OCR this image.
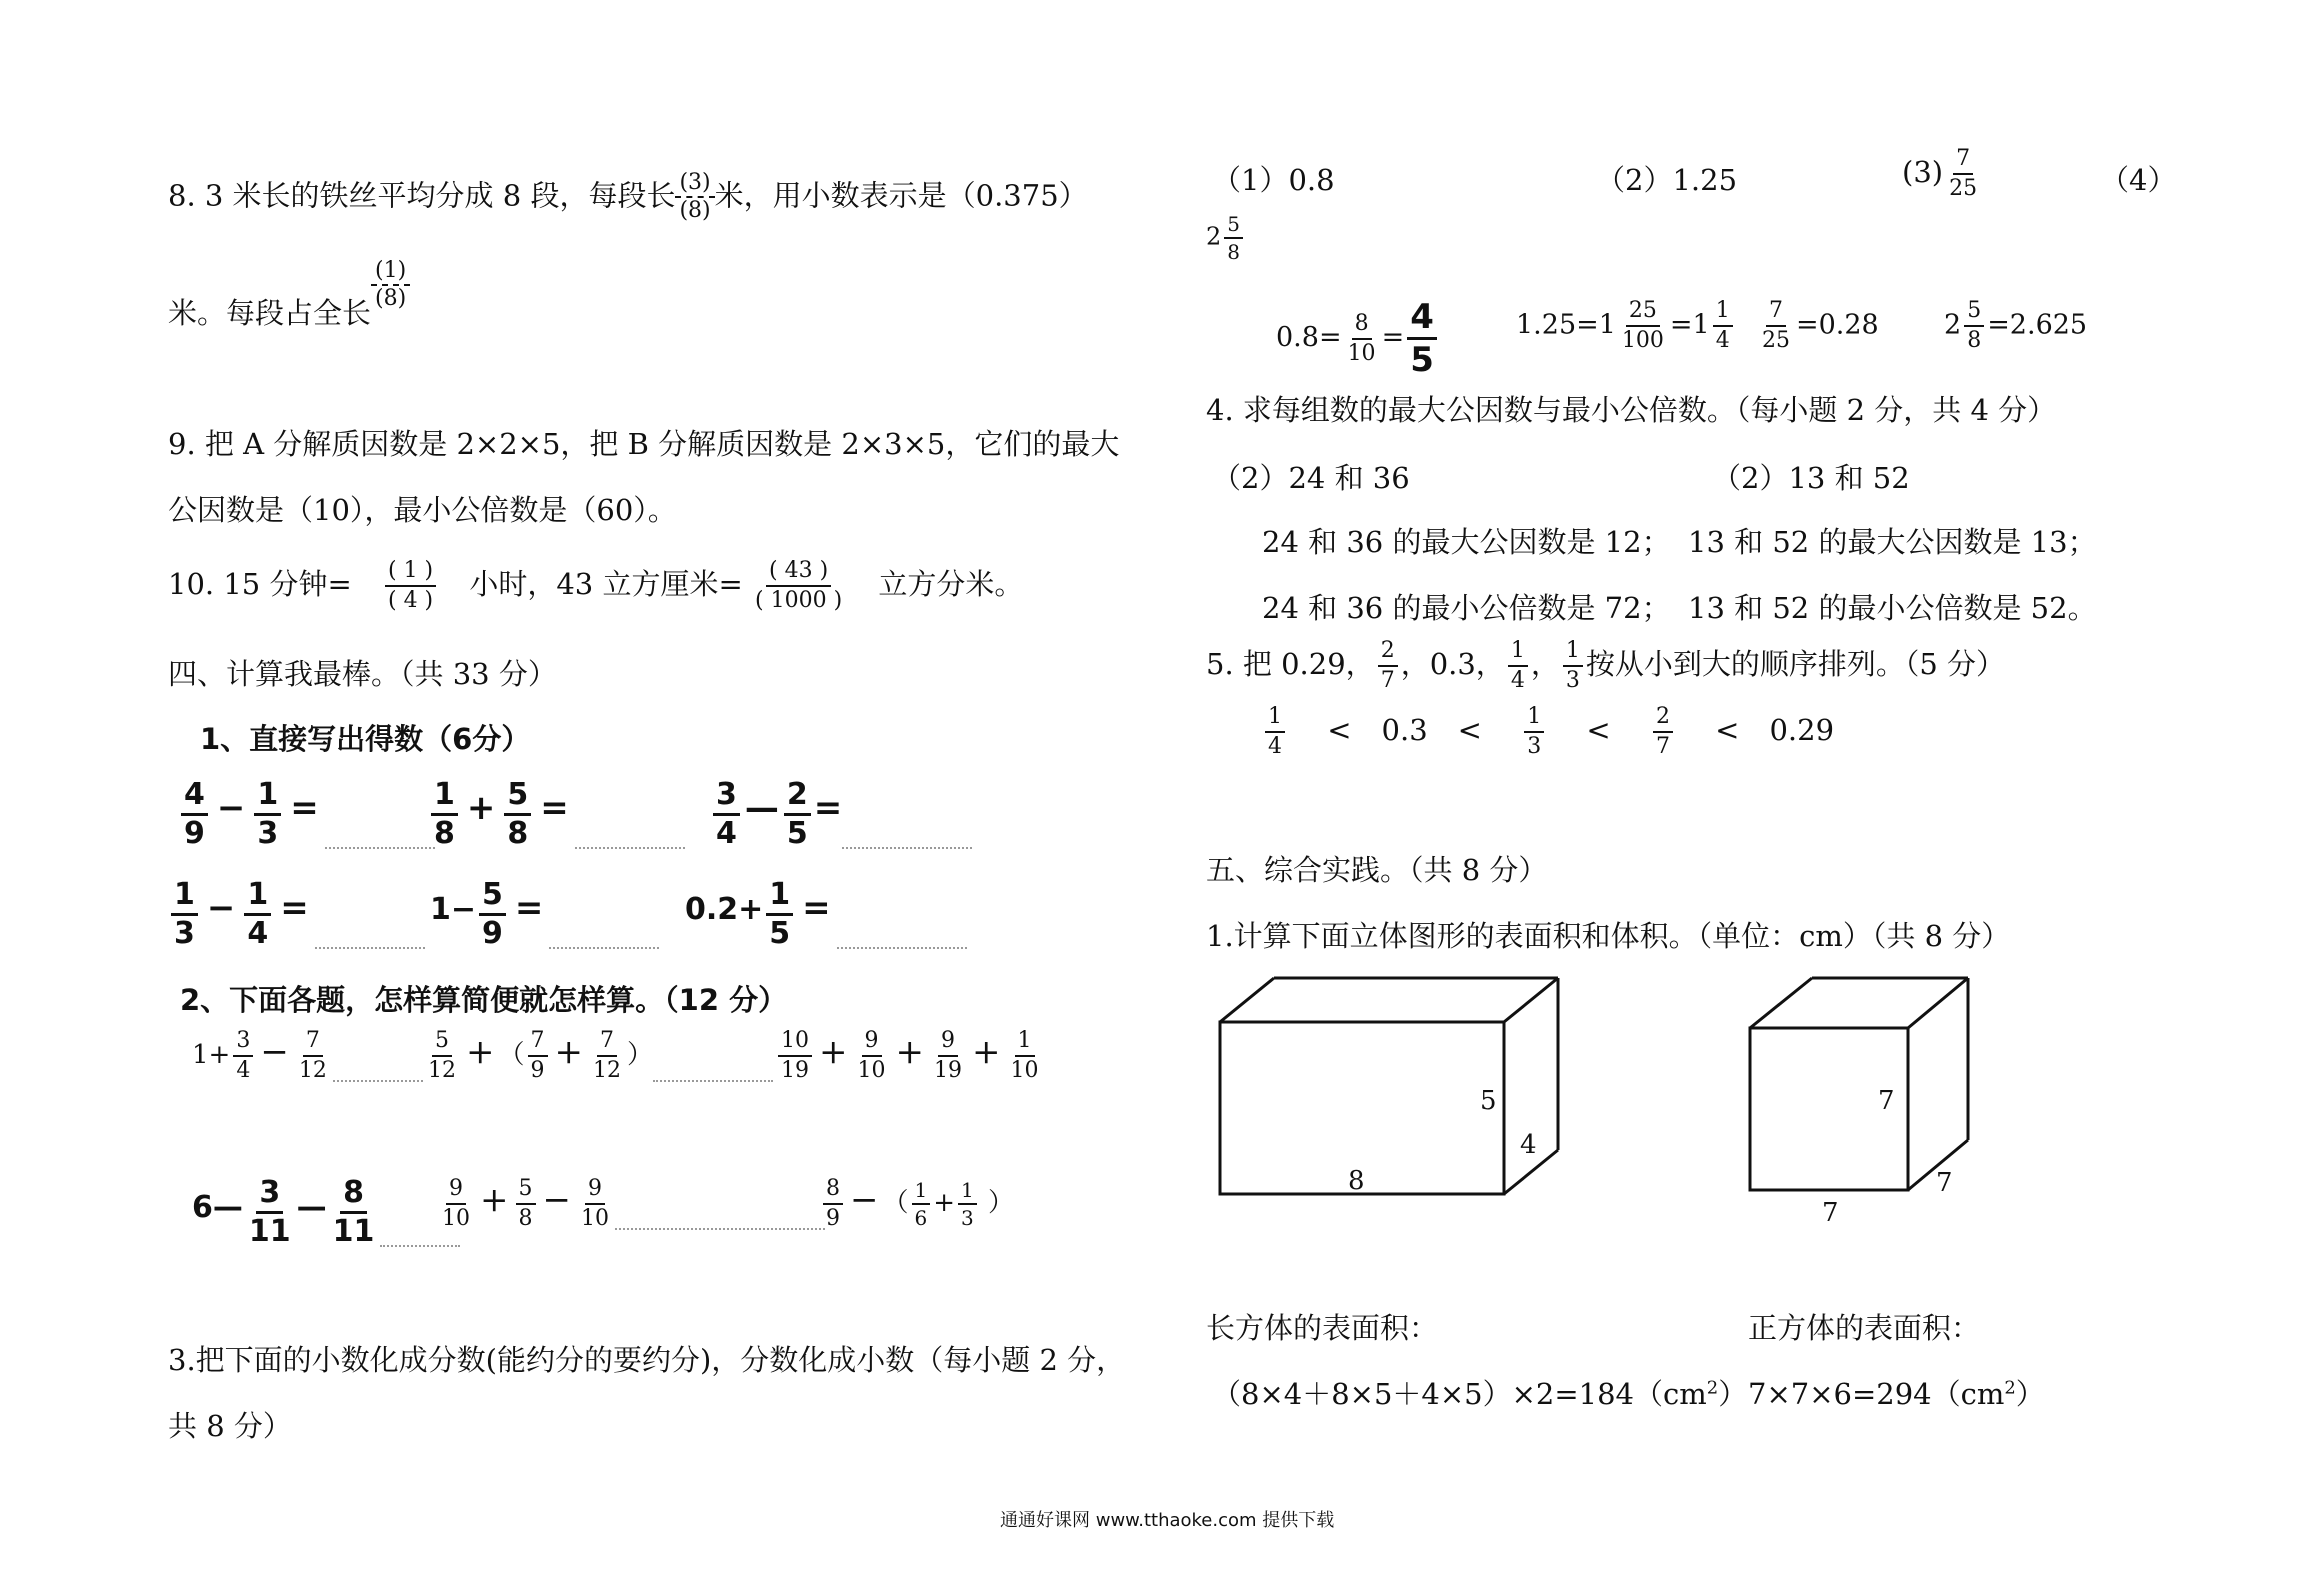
8. 3 米长的铁丝平均分成 8 段，每段长 $\frac{(3)}{(8)}$ 米，用小数表示是（0.375）
米。每段占全长
$\frac{(1)}{(8)}$
9. 把 A 分解质因数是 2×2×5，把 B 分解质因数是 2×3×5，它们的最大
公因数是（10），最小公倍数是（60）。
10. 15 分钟= $\frac{( 1 )}{( 4 )}$ 小时，43 立方厘米= $\frac{( 43 )}{( 1000 )}$ 立方分米。
四、计算我最棒。（共 33 分）
1、直接写出得数（6分）
$\frac{4}{9} - \frac{1}{3}$ =	$\frac{1}{8} + \frac{5}{8}$ =	$\frac{3}{4}$ — $\frac{2}{5}$ =
$\frac{1}{3} - \frac{1}{4}$ =	$1- \frac{5}{9}$ =	$0.2+ \frac{1}{5}$ =
2、下面各题，怎样算简便就怎样算。（12 分）
$1+ \frac{3}{4} - \frac{7}{12}$	$\frac{5}{12}$ + （ $\frac{7}{9} + \frac{7}{12}$ ）	$\frac{10}{19} + \frac{9}{10} + \frac{9}{19} + \frac{1}{10}$
6— $\frac{3}{11}$ — $\frac{8}{11}$	$\frac{9}{10} + \frac{5}{8} - \frac{9}{10}$	$\frac{8}{9}$ − （ $\frac{1}{6} + \frac{1}{3}$ ）
3.把下面的小数化成分数(能约分的要约分)，分数化成小数（每小题 2 分，
共 8 分）
（1）0.8	（2）1.25	$(3) \frac{7}{25}$	（4）
$2 \frac{5}{8}$
$0.8= \frac{8}{10} = \frac{4}{5}$	$1.25=1 \frac{25}{100} =1 \frac{1}{4} \frac{7}{25} =0.28$ $2 \frac{5}{8} =2.625$
4. 求每组数的最大公因数与最小公倍数。（每小题 2 分，共 4 分）
（2）24 和 36	（2）13 和 52
24 和 36 的最大公因数是 12； 13 和 52 的最大公因数是 13；
24 和 36 的最小公倍数是 72； 13 和 52 的最小公倍数是 52。
5. 把 0.29， $\frac{2}{7}$ ，0.3， $\frac{1}{4}$ ， $\frac{1}{3}$ 按从小到大的顺序排列。（5 分）
$\frac{1}{4} < 0.3 < \frac{1}{3} < \frac{2}{7} < 0.29$
五、综合实践。（共 8 分）
1.计算下面立体图形的表面积和体积。（单位：cm）（共 8 分）
5
4
8
7
7
7
长方体的表面积：	正方体的表面积：
$(8\times 4+8\times 5+4\times 5)\times 2=184(cm^2)$ $7\times 7\times 6=294(cm^2)$
通通好课网 www.tthaoke.com 提供下载
